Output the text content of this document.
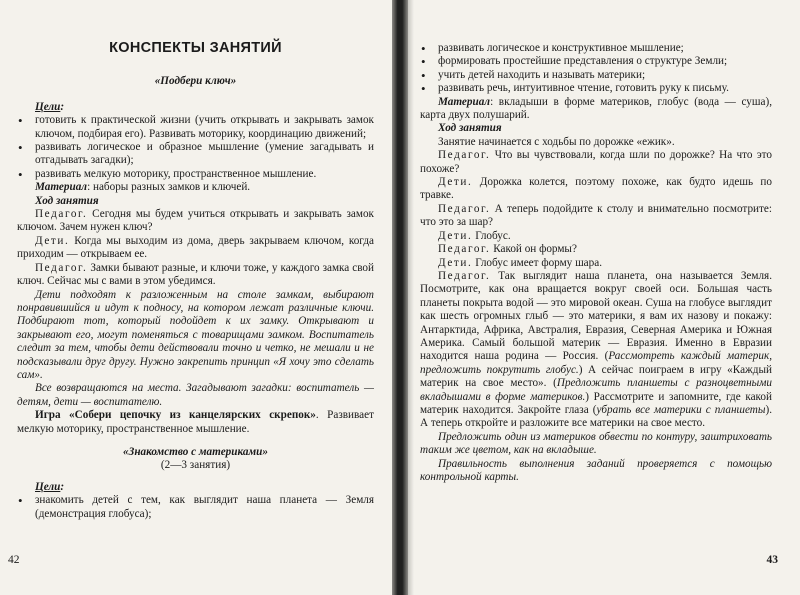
КОНСПЕКТЫ ЗАНЯТИЙ

«Подбери ключ»

Цели:

• готовить к практической жизни (учить открывать и закрывать замок ключом, подбирая его). Развивать моторику, координацию движений;
• развивать логическое и образное мышление (умение загадывать и отгадывать загадки);
• развивать мелкую моторику, пространственное мышление.

Материал: наборы разных замков и ключей.

Ход занятия

Педагог. Сегодня мы будем учиться открывать и закрывать замок ключом. Зачем нужен ключ?

Дети. Когда мы выходим из дома, дверь закрываем ключом, когда приходим — открываем ее.

Педагог. Замки бывают разные, и ключи тоже, у каждого замка свой ключ. Сейчас мы с вами в этом убедимся.

Дети подходят к разложенным на столе замкам, выбирают понравившийся и идут к подносу, на котором лежат различные ключи. Подбирают тот, который подойдет к их замку. Открывают и закрывают его, могут поменяться с товарищами замком. Воспитатель следит за тем, чтобы дети действовали точно и четко, не мешали и не подсказывали друг другу. Нужно закрепить принцип «Я хочу это сделать сам».

Все возвращаются на места. Загадывают загадки: воспитатель — детям, дети — воспитателю.

Игра «Собери цепочку из канцелярских скрепок». Развивает мелкую моторику, пространственное мышление.

«Знакомство с материками»

(2—3 занятия)

Цели:

• знакомить детей с тем, как выглядит наша планета — Земля (демонстрация глобуса);
42
• развивать логическое и конструктивное мышление;
• формировать простейшие представления о структуре Земли;
• учить детей находить и называть материки;
• развивать речь, интуитивное чтение, готовить руку к письму.

Материал: вкладыши в форме материков, глобус (вода — суша), карта двух полушарий.

Ход занятия

Занятие начинается с ходьбы по дорожке «ежик».

Педагог. Что вы чувствовали, когда шли по дорожке? На что это похоже?

Дети. Дорожка колется, поэтому похоже, как будто идешь по травке.

Педагог. А теперь подойдите к столу и внимательно посмотрите: что это за шар?

Дети. Глобус.

Педагог. Какой он формы?

Дети. Глобус имеет форму шара.

Педагог. Так выглядит наша планета, она называется Земля. Посмотрите, как она вращается вокруг своей оси. Большая часть планеты покрыта водой — это мировой океан. Суша на глобусе выглядит как шесть огромных глыб — это материки, я вам их назову и покажу: Антарктида, Африка, Австралия, Евразия, Северная Америка и Южная Америка. Самый большой материк — Евразия. Именно в Евразии находится наша родина — Россия. (Рассмотреть каждый материк, предложить покрутить глобус.) А сейчас поиграем в игру «Каждый материк на свое место». (Предложить планшеты с разноцветными вкладышами в форме материков.) Рассмотрите и запомните, где какой материк находится. Закройте глаза (убрать все материки с планшеты). А теперь откройте и разложите все материки на свое место.

Предложить один из материков обвести по контуру, заштриховать таким же цветом, как на вкладыше.

Правильность выполнения заданий проверяется с помощью контрольной карты.

43
